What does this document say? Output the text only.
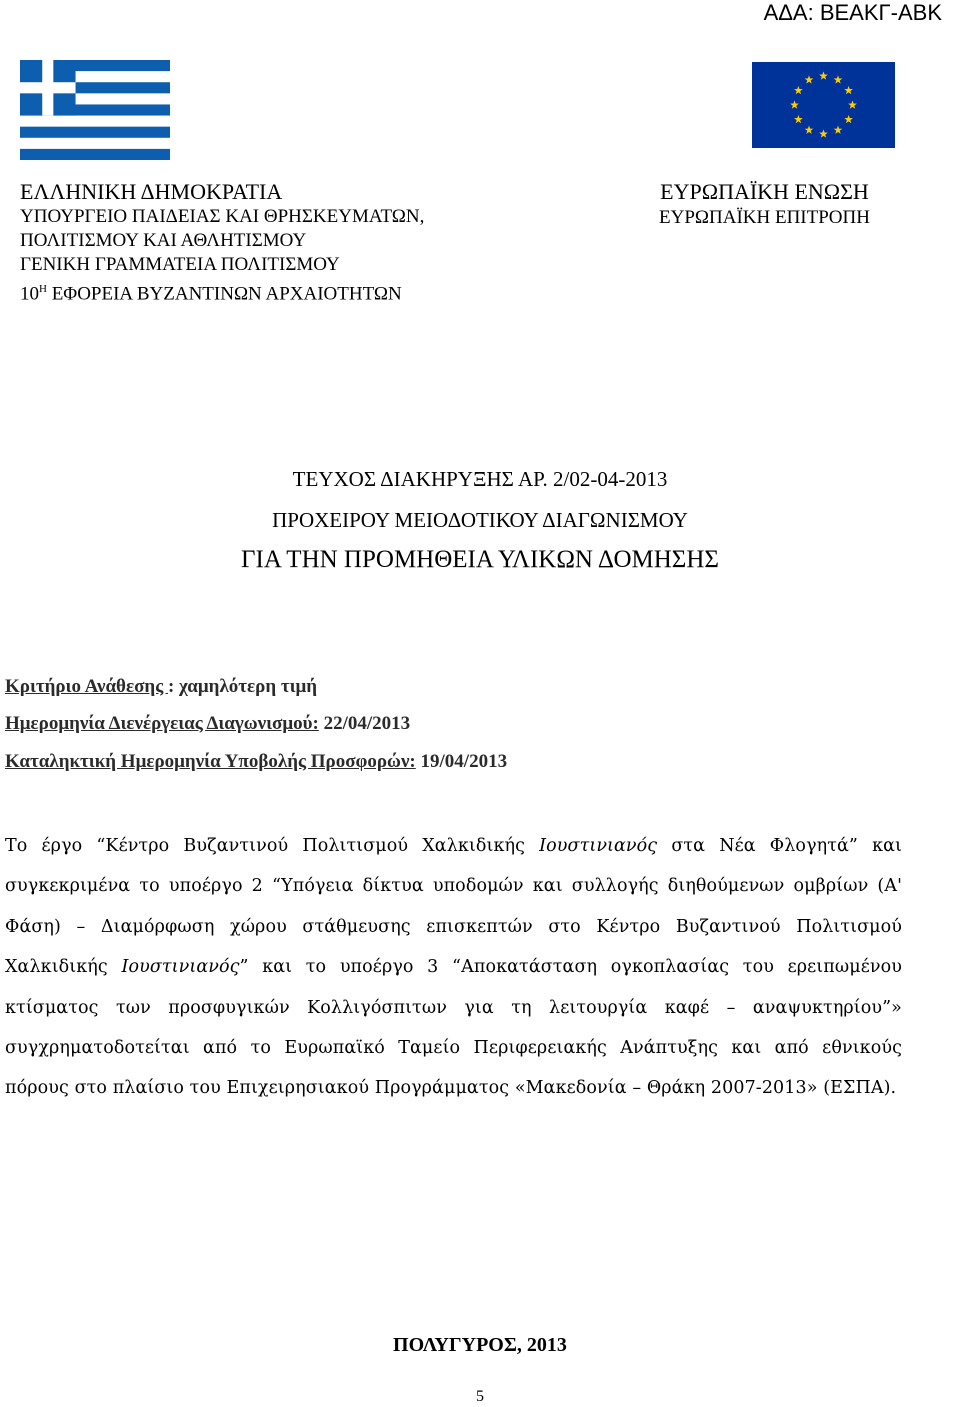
ΑΔΑ: ΒΕΑΚΓ-ΑΒΚ
ΕΛΛΗΝΙΚΗ ΔΗΜΟΚΡΑΤΙΑ
ΥΠΟΥΡΓΕΙΟ ΠΑΙΔΕΙΑΣ ΚΑΙ ΘΡΗΣΚΕΥΜΑΤΩΝ,
ΠΟΛΙΤΙΣΜΟΥ ΚΑΙ ΑΘΛΗΤΙΣΜΟΥ
ΓΕΝΙΚΗ ΓΡΑΜΜΑΤΕΙΑ ΠΟΛΙΤΙΣΜΟΥ
$10^H$ ΕΦΟΡΕΙΑ ΒΥΖΑΝΤΙΝΩΝ ΑΡΧΑΙΟΤΗΤΩΝ
ΕΥΡΩΠΑΪΚΗ ΕΝΩΣΗ
ΕΥΡΩΠΑΪΚΗ ΕΠΙΤΡΟΠΗ
ΤΕΥΧΟΣ ΔΙΑΚΗΡΥΞΗΣ ΑΡ. 2/02-04-2013
ΠΡΟΧΕΙΡΟΥ ΜΕΙΟΔΟΤΙΚΟΥ ΔΙΑΓΩΝΙΣΜΟΥ
ΓΙΑ ΤΗΝ ΠΡΟΜΗΘΕΙΑ ΥΛΙΚΩΝ ΔΟΜΗΣΗΣ
Κριτήριο Ανάθεσης : χαμηλότερη τιμή
Ημερομηνία Διενέργειας Διαγωνισμού: 22/04/2013
Καταληκτική Ημερομηνία Υποβολής Προσφορών: 19/04/2013
Το έργο “Κέντρο Βυζαντινού Πολιτισμού Χαλκιδικής Ιουστινιανός στα Νέα Φλογητά” και συγκεκριμένα το υποέργο 2 “Υπόγεια δίκτυα υποδομών και συλλογής διηθούμενων ομβρίων (Α' Φάση) – Διαμόρφωση χώρου στάθμευσης επισκεπτών στο Κέντρο Βυζαντινού Πολιτισμού Χαλκιδικής Ιουστινιανός” και το υποέργο 3 “Αποκατάσταση ογκοπλασίας του ερειπωμένου κτίσματος των προσφυγικών Κολλιγόσπιτων για τη λειτουργία καφέ – αναψυκτηρίου”» συγχρηματοδοτείται από το Ευρωπαϊκό Ταμείο Περιφερειακής Ανάπτυξης και από εθνικούς πόρους στο πλαίσιο του Επιχειρησιακού Προγράμματος «Μακεδονία – Θράκη 2007-2013» (ΕΣΠΑ).
ΠΟΛΥΓΥΡΟΣ, 2013
5
